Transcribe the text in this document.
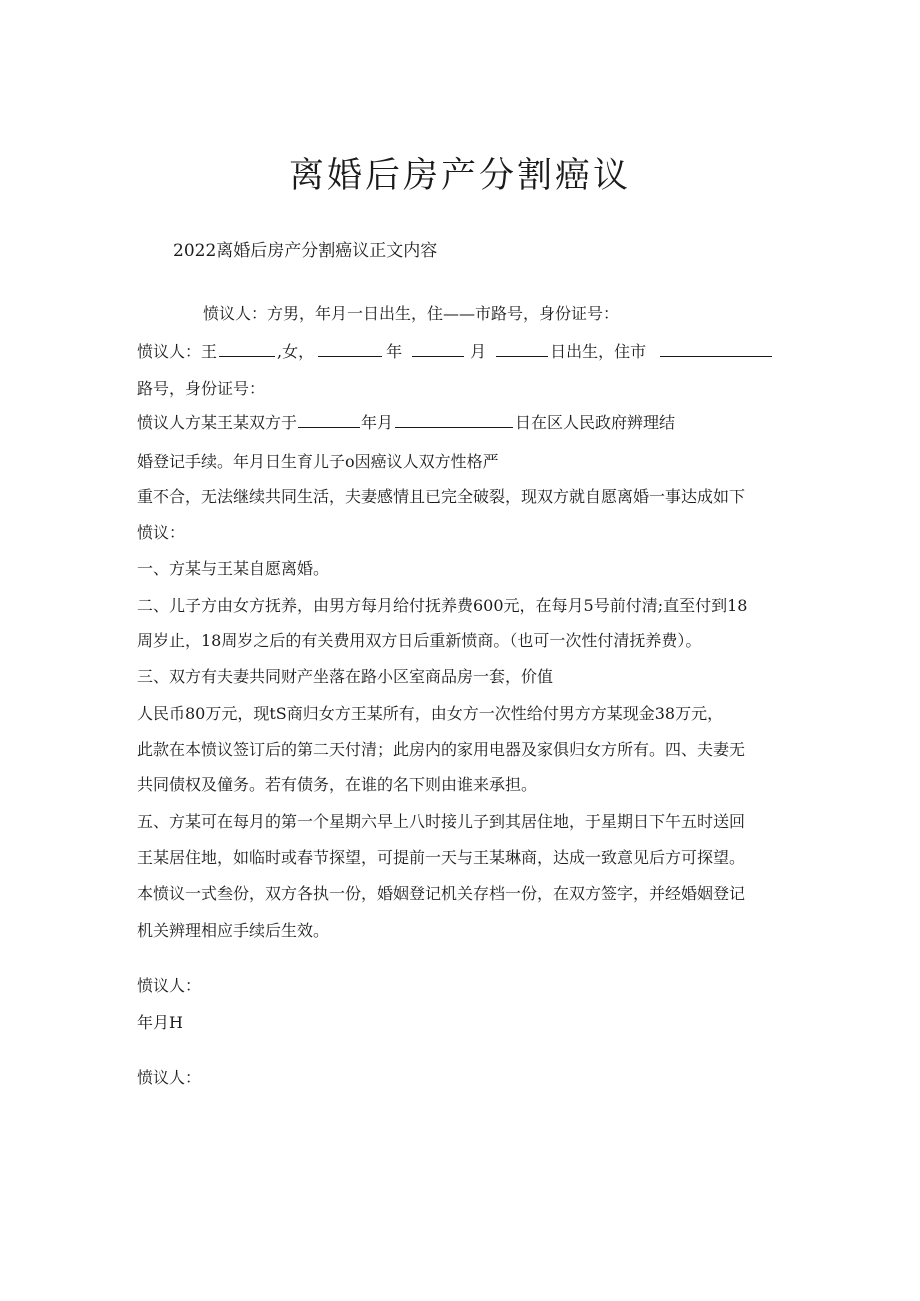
离婚后房产分割癌议

2022离婚后房产分割癌议正文内容

愤议人：方男，年月一日出生，住——市路号，身份证号：

愤议人：王	,女，	年	月	日出生，住市

路号，身份证号：

愤议人方某王某双方于	年月	日在区人民政府辨理结

婚登记手续。年月日生育儿子o因癌议人双方性格严

重不合，无法继续共同生活，夫妻感情且已完全破裂，现双方就自愿离婚一事达成如下

愤议：

一、方某与王某自愿离婚。

二、儿子方由女方抚养，由男方每月给付抚养费600元，在每月5号前付清;直至付到18

周岁止，18周岁之后的有关费用双方日后重新愤商。（也可一次性付清抚养费）。

三、双方有夫妻共同财产坐落在路小区室商品房一套，价值

人民币80万元，现tS商归女方王某所有，由女方一次性给付男方方某现金38万元，

此款在本愤议签订后的第二天付清；此房内的家用电器及家俱归女方所有。四、夫妻无

共同债权及僮务。若有债务，在谁的名下则由谁来承担。

五、方某可在每月的第一个星期六早上八时接儿子到其居住地，于星期日下午五时送回

王某居住地，如临时或春节探望，可提前一天与王某琳商，达成一致意见后方可探望。

本愤议一式叁份，双方各执一份，婚姻登记机关存档一份，在双方签字，并经婚姻登记

机关辨理相应手续后生效。

愤议人：

年月H

愤议人：
